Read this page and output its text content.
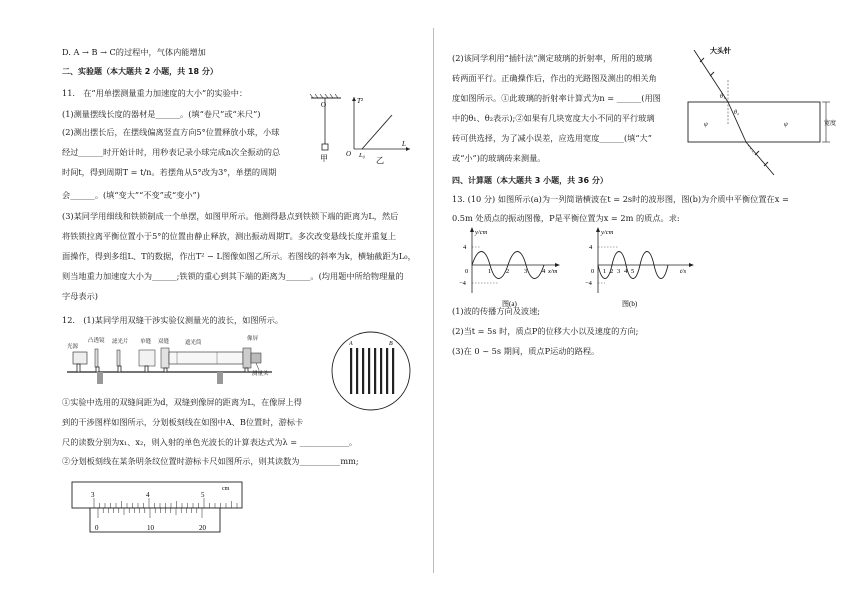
D. A → B → C的过程中，气体内能增加
二、实验题（本大题共 2 小题，共 18 分）
11.　在“用单摆测量重力加速度的大小”的实验中：
(1)测量摆线长度的器材是______。(填“卷尺”或“米尺”)
(2)测出摆长后，在摆线偏离竖直方向5°位置释放小球，小球
经过______时开始计时，用秒表记录小球完成n次全振动的总
时间t，得到周期T = t/n。若摆角从5°改为3°，单摆的周期
会______。(填“变大”“不变”或“变小”)
(3)某同学用细线和铁锁制成一个单摆，如图甲所示。他测得悬点到铁锁下端的距离为L，然后
将铁锁拉离平衡位置小于5°的位置由静止释放，测出振动周期T。多次改变悬线长度并重复上
面操作，得到多组L、T的数据，作出T² − L图像如图乙所示。若图线的斜率为k，横轴截距为L₀，
则当地重力加速度大小为______;铁锁的重心到其下端的距离为______。(均用题中所给物理量的
字母表示)
O
甲
T²
O L₀
L
乙
12.　(1)某同学用双缝干涉实验仪测量光的波长，如图所示。
光源
凸透镜 滤光片 单缝 双缝	遮光筒
像屏
测量头
A	B
①实验中选用的双缝间距为d，双缝到像屏的距离为L，在像屏上得
到的干涉图样如图所示，分划板刻线在如图中A、B位置时，游标卡
尺的读数分别为x₁、x₂，则入射的单色光波长的计算表达式为λ = ____________。
②分划板刻线在某条明条纹位置时游标卡尺如图所示，则其读数为__________mm;
cm
3	4	5
0	10	20
(2)该同学利用“插针法”测定玻璃的折射率，所用的玻璃
砖两面平行。正确操作后，作出的光路图及测出的相关角
度如图所示。①此玻璃的折射率计算式为n = ______(用图
中的θ₁、θ₂表示);②如果有几块宽度大小不同的平行玻璃
砖可供选择，为了减小误差，应选用宽度______(填“大”
或“小”)的玻璃砖来测量。
大头针
θ₁
θ₂
ψ	ψ	宽度
四、计算题（本大题共 3 小题，共 36 分）
13. (10 分) 如图所示(a)为一列简谐横波在t = 2s时的波形图，图(b)为介质中平衡位置在x =
0.5m 处质点的振动图像，P是平衡位置为x = 2m 的质点。求:
y/cm
4
−4
0	1 2 3 4 x/m
图(a)
y/cm
4
−4
0 1 2 3 4 5	t/s
图(b)
(1)波的传播方向及波速;
(2)当t = 5s 时，质点P的位移大小以及速度的方向;
(3)在 0 ~ 5s 期间，质点P运动的路程。
